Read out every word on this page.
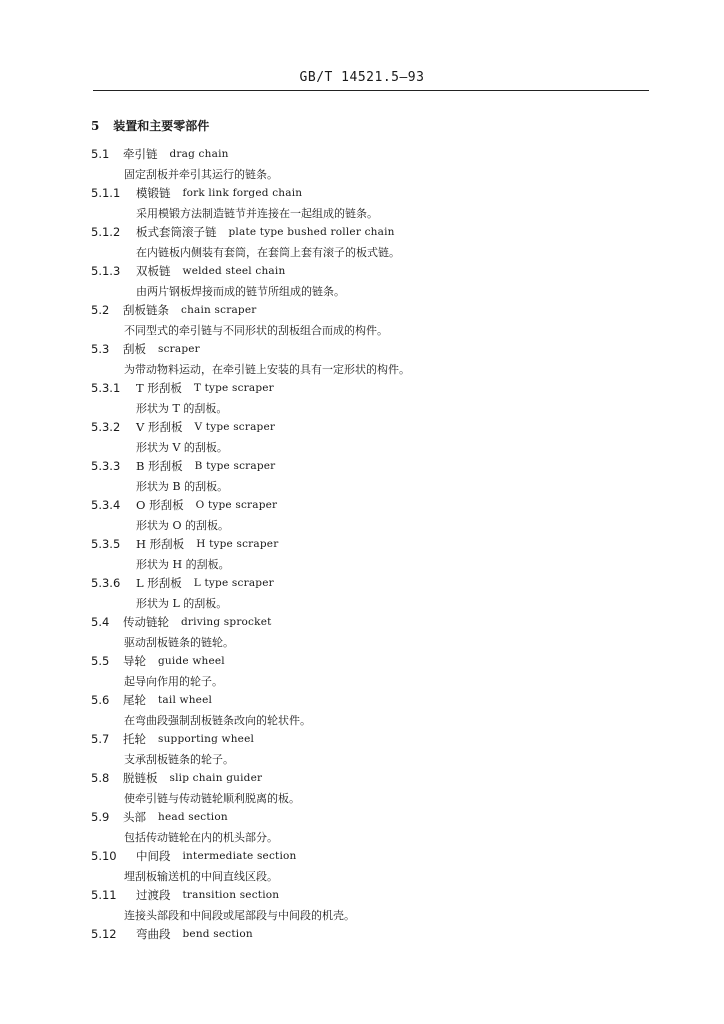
GB/T 14521.5—93
5 装置和主要零部件
5.1	牵引链 drag chain
固定刮板并牵引其运行的链条。
5.1.1	模锻链 fork link forged chain
采用模锻方法制造链节并连接在一起组成的链条。
5.1.2	板式套筒滚子链 plate type bushed roller chain
在内链板内侧装有套筒，在套筒上套有滚子的板式链。
5.1.3	双板链 welded steel chain
由两片钢板焊接而成的链节所组成的链条。
5.2	刮板链条 chain scraper
不同型式的牵引链与不同形状的刮板组合而成的构件。
5.3	刮板 scraper
为带动物料运动，在牵引链上安装的具有一定形状的构件。
5.3.1	T 形刮板 T type scraper
形状为 T 的刮板。
5.3.2	V 形刮板 V type scraper
形状为 V 的刮板。
5.3.3	B 形刮板 B type scraper
形状为 B 的刮板。
5.3.4	O 形刮板 O type scraper
形状为 O 的刮板。
5.3.5	H 形刮板 H type scraper
形状为 H 的刮板。
5.3.6	L 形刮板 L type scraper
形状为 L 的刮板。
5.4	传动链轮 driving sprocket
驱动刮板链条的链轮。
5.5	导轮 guide wheel
起导向作用的轮子。
5.6	尾轮 tail wheel
在弯曲段强制刮板链条改向的轮状件。
5.7	托轮 supporting wheel
支承刮板链条的轮子。
5.8	脱链板 slip chain guider
使牵引链与传动链轮顺利脱离的板。
5.9	头部 head section
包括传动链轮在内的机头部分。
5.10	中间段 intermediate section
埋刮板输送机的中间直线区段。
5.11	过渡段 transition section
连接头部段和中间段或尾部段与中间段的机壳。
5.12	弯曲段 bend section
